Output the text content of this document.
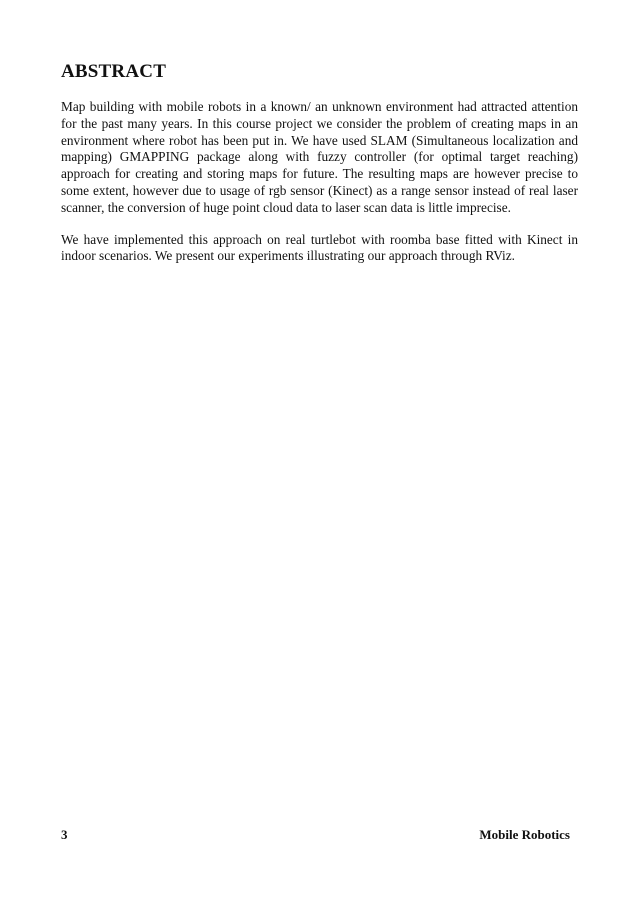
ABSTRACT

Map building with mobile robots in a known/ an unknown environment had attracted attention for the past many years. In this course project we consider the problem of creating maps in an environment where robot has been put in. We have used SLAM (Simultaneous localization and mapping) GMAPPING package along with fuzzy controller (for optimal target reaching) approach for creating and storing maps for future. The resulting maps are however precise to some extent, however due to usage of rgb sensor (Kinect) as a range sensor instead of real laser scanner, the conversion of huge point cloud data to laser scan data is little imprecise.

We have implemented this approach on real turtlebot with roomba base fitted with Kinect in indoor scenarios. We present our experiments illustrating our approach through RViz.

3	Mobile Robotics
